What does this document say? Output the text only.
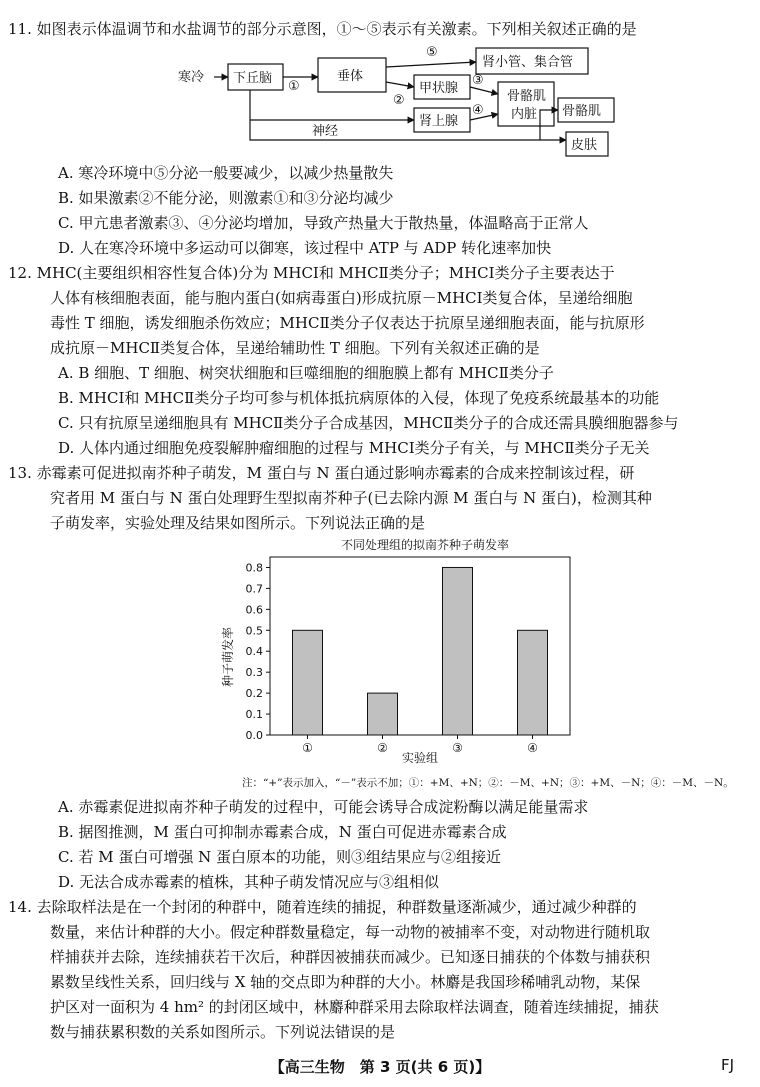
11. 如图表示体温调节和水盐调节的部分示意图，①～⑤表示有关激素。下列相关叙述正确的是
寒冷 下丘脑	垂体
肾小管、集合管
甲状腺
肾上腺
骨骼肌
内脏 骨骼肌
皮肤
神经
①
②
③
④
⑤
A. 寒冷环境中⑤分泌一般要减少，以减少热量散失
B. 如果激素②不能分泌，则激素①和③分泌均减少
C. 甲亢患者激素③、④分泌均增加，导致产热量大于散热量，体温略高于正常人
D. 人在寒冷环境中多运动可以御寒，该过程中 ATP 与 ADP 转化速率加快
12. MHC(主要组织相容性复合体)分为 MHCⅠ和 MHCⅡ类分子；MHCⅠ类分子主要表达于
人体有核细胞表面，能与胞内蛋白(如病毒蛋白)形成抗原－MHCⅠ类复合体，呈递给细胞
毒性 T 细胞，诱发细胞杀伤效应；MHCⅡ类分子仅表达于抗原呈递细胞表面，能与抗原形
成抗原－MHCⅡ类复合体，呈递给辅助性 T 细胞。下列有关叙述正确的是
A. B 细胞、T 细胞、树突状细胞和巨噬细胞的细胞膜上都有 MHCⅡ类分子
B. MHCⅠ和 MHCⅡ类分子均可参与机体抵抗病原体的入侵，体现了免疫系统最基本的功能
C. 只有抗原呈递细胞具有 MHCⅡ类分子合成基因，MHCⅡ类分子的合成还需具膜细胞器参与
D. 人体内通过细胞免疫裂解肿瘤细胞的过程与 MHCⅠ类分子有关，与 MHCⅡ类分子无关
13. 赤霉素可促进拟南芥种子萌发，M 蛋白与 N 蛋白通过影响赤霉素的合成来控制该过程，研
究者用 M 蛋白与 N 蛋白处理野生型拟南芥种子(已去除内源 M 蛋白与 N 蛋白)，检测其种
子萌发率，实验处理及结果如图所示。下列说法正确的是
不同处理组的拟南芥种子萌发率
0.0
0.1
0.2
0.3
0.4
0.5
0.6
0.7
0.8
①	②	③	④
实验组
种子萌发率
注：“+”表示加入，“－”表示不加；①：+M、+N；②：－M、+N；③：+M、－N；④：－M、－N。
A. 赤霉素促进拟南芥种子萌发的过程中，可能会诱导合成淀粉酶以满足能量需求
B. 据图推测，M 蛋白可抑制赤霉素合成，N 蛋白可促进赤霉素合成
C. 若 M 蛋白可增强 N 蛋白原本的功能，则③组结果应与②组接近
D. 无法合成赤霉素的植株，其种子萌发情况应与③组相似
14. 去除取样法是在一个封闭的种群中，随着连续的捕捉，种群数量逐渐减少，通过减少种群的
数量，来估计种群的大小。假定种群数量稳定，每一动物的被捕率不变，对动物进行随机取
样捕获并去除，连续捕获若干次后，种群因被捕获而减少。已知逐日捕获的个体数与捕获积
累数呈线性关系，回归线与 X 轴的交点即为种群的大小。林麝是我国珍稀哺乳动物，某保
护区对一面积为 4 hm² 的封闭区域中，林麝种群采用去除取样法调查，随着连续捕捉，捕获
数与捕获累积数的关系如图所示。下列说法错误的是
【高三生物　第 3 页(共 6 页)】	FJ
